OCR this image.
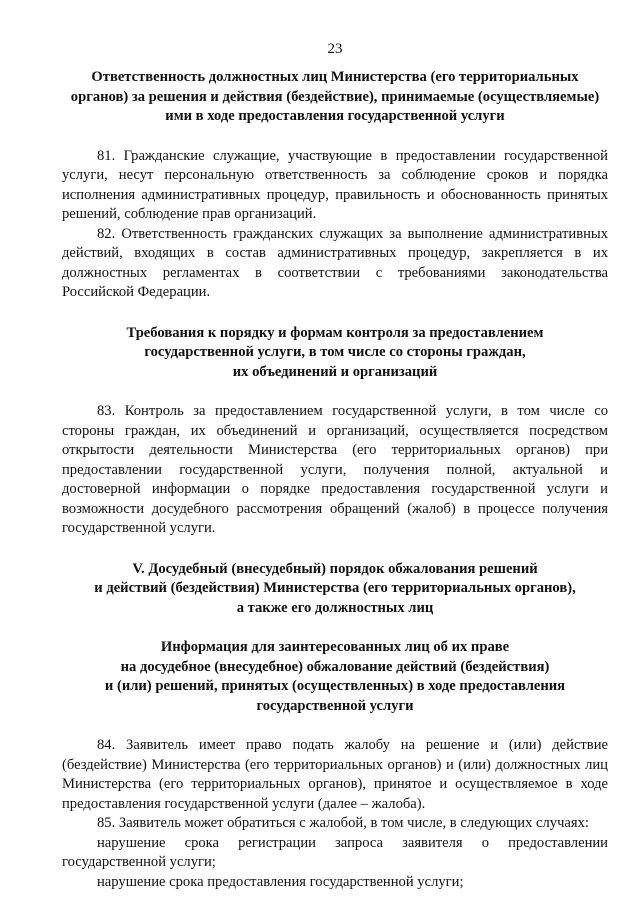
23
Ответственность должностных лиц Министерства (его территориальных
органов) за решения и действия (бездействие), принимаемые (осуществляемые)
ими в ходе предоставления государственной услуги

81. Гражданские служащие, участвующие в предоставлении государственной услуги, несут персональную ответственность за соблюдение сроков и порядка исполнения административных процедур, правильность и обоснованность принятых решений, соблюдение прав организаций.

82. Ответственность гражданских служащих за выполнение административных действий, входящих в состав административных процедур, закрепляется в их должностных регламентах в соответствии с требованиями законодательства Российской Федерации.

Требования к порядку и формам контроля за предоставлением
государственной услуги, в том числе со стороны граждан,
их объединений и организаций

83. Контроль за предоставлением государственной услуги, в том числе со стороны граждан, их объединений и организаций, осуществляется посредством открытости деятельности Министерства (его территориальных органов) при предоставлении государственной услуги, получения полной, актуальной и достоверной информации о порядке предоставления государственной услуги и возможности досудебного рассмотрения обращений (жалоб) в процессе получения государственной услуги.

V. Досудебный (внесудебный) порядок обжалования решений
и действий (бездействия) Министерства (его территориальных органов),
а также его должностных лиц
Информация для заинтересованных лиц об их праве
на досудебное (внесудебное) обжалование действий (бездействия)
и (или) решений, принятых (осуществленных) в ходе предоставления
государственной услуги

84. Заявитель имеет право подать жалобу на решение и (или) действие (бездействие) Министерства (его территориальных органов) и (или) должностных лиц Министерства (его территориальных органов), принятое и осуществляемое в ходе предоставления государственной услуги (далее – жалоба).

85. Заявитель может обратиться с жалобой, в том числе, в следующих случаях:

нарушение срока регистрации запроса заявителя о предоставлении государственной услуги;

нарушение срока предоставления государственной услуги;
